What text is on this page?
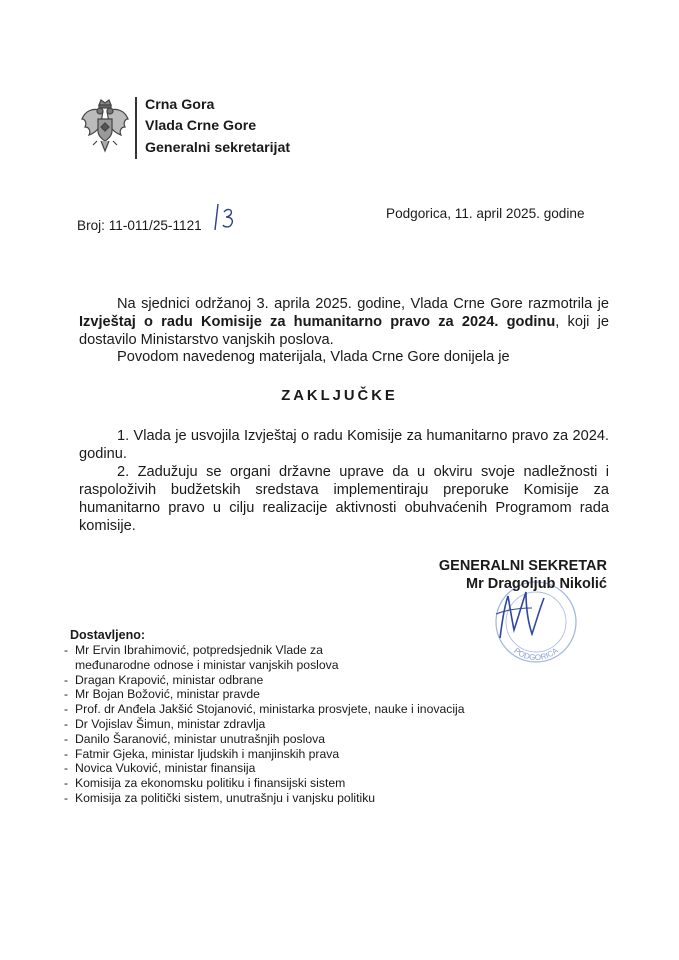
Crna Gora
Vlada Crne Gore
Generalni sekretarijat
Broj: 11-011/25-1121
/3
Podgorica, 11. april 2025. godine
Na sjednici održanoj 3. aprila 2025. godine, Vlada Crne Gore razmotrila je Izvještaj o radu Komisije za humanitarno pravo za 2024. godinu, koji je dostavilo Ministarstvo vanjskih poslova.
Povodom navedenog materijala, Vlada Crne Gore donijela je
ZAKLJUČKE
1. Vlada je usvojila Izvještaj o radu Komisije za humanitarno pravo za 2024. godinu.
2. Zadužuju se organi državne uprave da u okviru svoje nadležnosti i raspoloživih budžetskih sredstava implementiraju preporuke Komisije za humanitarno pravo u cilju realizacije aktivnosti obuhvaćenih Programom rada komisije.
PODGORICA
GENERALNI SEKRETAR
Mr Dragoljub Nikolić
Dostavljeno:
- Mr Ervin Ibrahimović, potpredsjednik Vlade za
međunarodne odnose i ministar vanjskih poslova
- Dragan Krapović, ministar odbrane
- Mr Bojan Božović, ministar pravde
- Prof. dr Anđela Jakšić Stojanović, ministarka prosvjete, nauke i inovacija
- Dr Vojislav Šimun, ministar zdravlja
- Danilo Šaranović, ministar unutrašnjih poslova
- Fatmir Gjeka, ministar ljudskih i manjinskih prava
- Novica Vuković, ministar finansija
- Komisija za ekonomsku politiku i finansijski sistem
- Komisija za politički sistem, unutrašnju i vanjsku politiku
